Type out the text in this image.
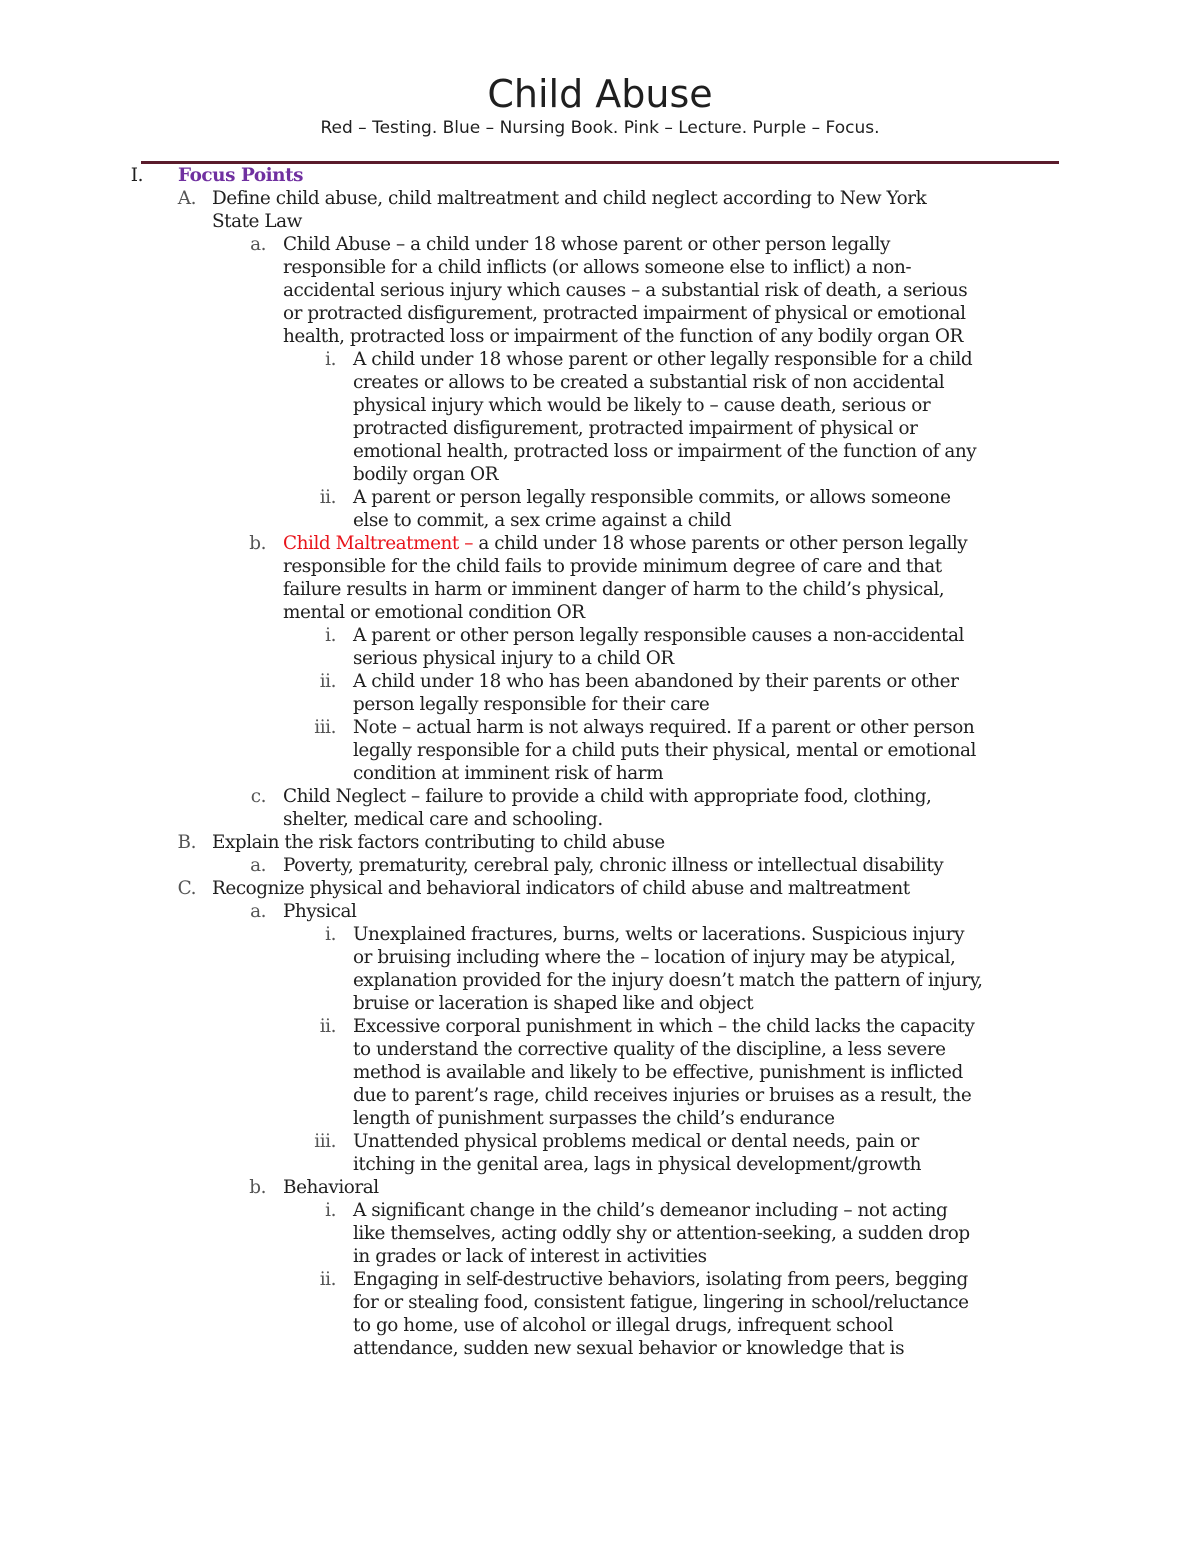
Child Abuse
Red – Testing. Blue – Nursing Book. Pink – Lecture. Purple – Focus.
I. Focus Points
A. Define child abuse, child maltreatment and child neglect according to New York
State Law
a. Child Abuse – a child under 18 whose parent or other person legally
responsible for a child inflicts (or allows someone else to inflict) a non-
accidental serious injury which causes – a substantial risk of death, a serious
or protracted disfigurement, protracted impairment of physical or emotional
health, protracted loss or impairment of the function of any bodily organ OR
i. A child under 18 whose parent or other legally responsible for a child
creates or allows to be created a substantial risk of non accidental
physical injury which would be likely to – cause death, serious or
protracted disfigurement, protracted impairment of physical or
emotional health, protracted loss or impairment of the function of any
bodily organ OR
ii. A parent or person legally responsible commits, or allows someone
else to commit, a sex crime against a child
b. Child Maltreatment – a child under 18 whose parents or other person legally
responsible for the child fails to provide minimum degree of care and that
failure results in harm or imminent danger of harm to the child’s physical,
mental or emotional condition OR
i. A parent or other person legally responsible causes a non-accidental
serious physical injury to a child OR
ii. A child under 18 who has been abandoned by their parents or other
person legally responsible for their care
iii. Note – actual harm is not always required. If a parent or other person
legally responsible for a child puts their physical, mental or emotional
condition at imminent risk of harm
c. Child Neglect – failure to provide a child with appropriate food, clothing,
shelter, medical care and schooling.
B. Explain the risk factors contributing to child abuse
a. Poverty, prematurity, cerebral paly, chronic illness or intellectual disability
C. Recognize physical and behavioral indicators of child abuse and maltreatment
a. Physical
i. Unexplained fractures, burns, welts or lacerations. Suspicious injury
or bruising including where the – location of injury may be atypical,
explanation provided for the injury doesn’t match the pattern of injury,
bruise or laceration is shaped like and object
ii. Excessive corporal punishment in which – the child lacks the capacity
to understand the corrective quality of the discipline, a less severe
method is available and likely to be effective, punishment is inflicted
due to parent’s rage, child receives injuries or bruises as a result, the
length of punishment surpasses the child’s endurance
iii. Unattended physical problems medical or dental needs, pain or
itching in the genital area, lags in physical development/growth
b. Behavioral
i. A significant change in the child’s demeanor including – not acting
like themselves, acting oddly shy or attention-seeking, a sudden drop
in grades or lack of interest in activities
ii. Engaging in self-destructive behaviors, isolating from peers, begging
for or stealing food, consistent fatigue, lingering in school/reluctance
to go home, use of alcohol or illegal drugs, infrequent school
attendance, sudden new sexual behavior or knowledge that is
